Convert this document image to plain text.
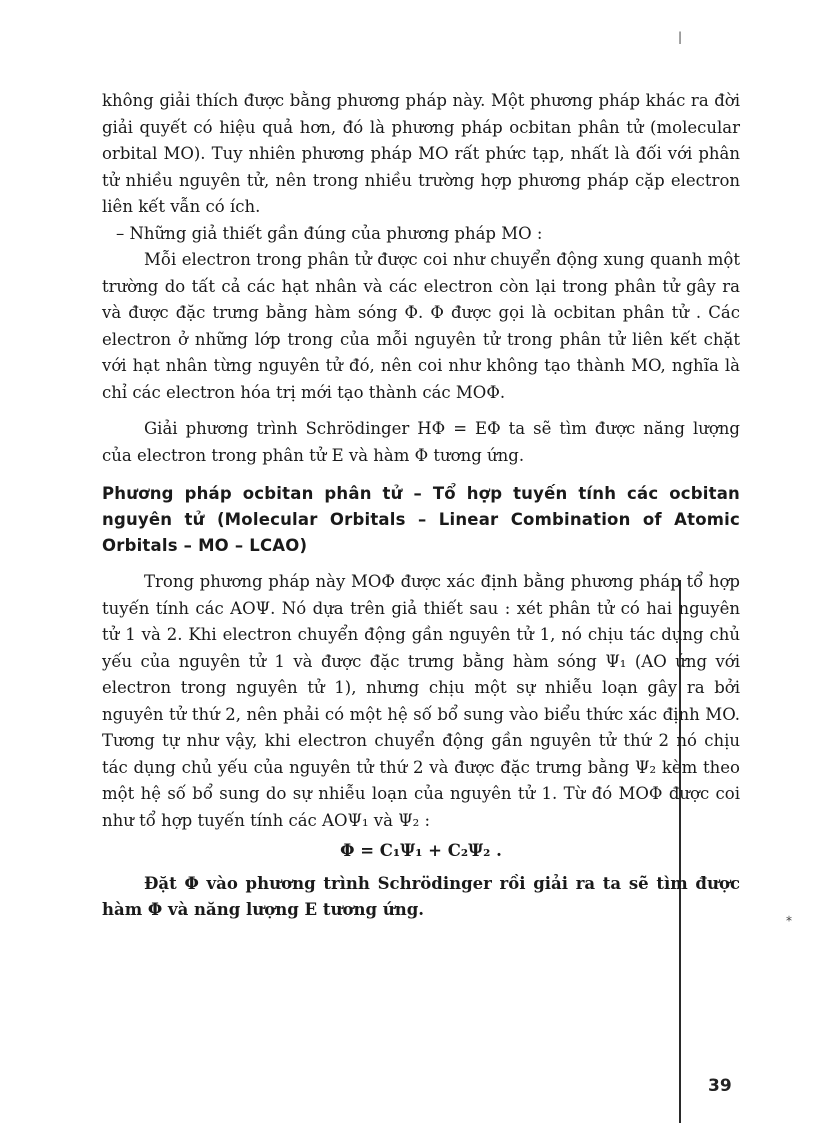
|
⁎

không giải thích được bằng phương pháp này. Một phương pháp khác ra đời giải quyết có hiệu quả hơn, đó là phương pháp ocbitan phân tử (molecular orbital MO). Tuy nhiên phương pháp MO rất phức tạp, nhất là đối với phân tử nhiều nguyên tử, nên trong nhiều trường hợp phương pháp cặp electron liên kết vẫn có ích.

– Những giả thiết gần đúng của phương pháp MO :

Mỗi electron trong phân tử được coi như chuyển động xung quanh một trường do tất cả các hạt nhân và các electron còn lại trong phân tử gây ra và được đặc trưng bằng hàm sóng Φ. Φ được gọi là ocbitan phân tử . Các electron ở những lớp trong của mỗi nguyên tử trong phân tử liên kết chặt với hạt nhân từng nguyên tử đó, nên coi như không tạo thành MO, nghĩa là chỉ các electron hóa trị mới tạo thành các MOΦ.

Giải phương trình Schrödinger HΦ = EΦ ta sẽ tìm được năng lượng của electron trong phân tử E và hàm Φ tương ứng.

Phương pháp ocbitan phân tử – Tổ hợp tuyến tính các ocbitan nguyên tử (Molecular Orbitals – Linear Combination of Atomic Orbitals – MO – LCAO)

Trong phương pháp này MOΦ được xác định bằng phương pháp tổ hợp tuyến tính các AOΨ. Nó dựa trên giả thiết sau : xét phân tử có hai nguyên tử 1 và 2. Khi electron chuyển động gần nguyên tử 1, nó chịu tác dụng chủ yếu của nguyên tử 1 và được đặc trưng bằng hàm sóng Ψ₁ (AO ứng với electron trong nguyên tử 1), nhưng chịu một sự nhiễu loạn gây ra bởi nguyên tử thứ 2, nên phải có một hệ số bổ sung vào biểu thức xác định MO. Tương tự như vậy, khi electron chuyển động gần nguyên tử thứ 2 nó chịu tác dụng chủ yếu của nguyên tử thứ 2 và được đặc trưng bằng Ψ₂ kèm theo một hệ số bổ sung do sự nhiễu loạn của nguyên tử 1. Từ đó MOΦ được coi như tổ hợp tuyến tính các AOΨ₁ và Ψ₂ :

Φ = C₁Ψ₁ + C₂Ψ₂ .

Đặt Φ vào phương trình Schrödinger rồi giải ra ta sẽ tìm được hàm Φ và năng lượng E tương ứng.

39
